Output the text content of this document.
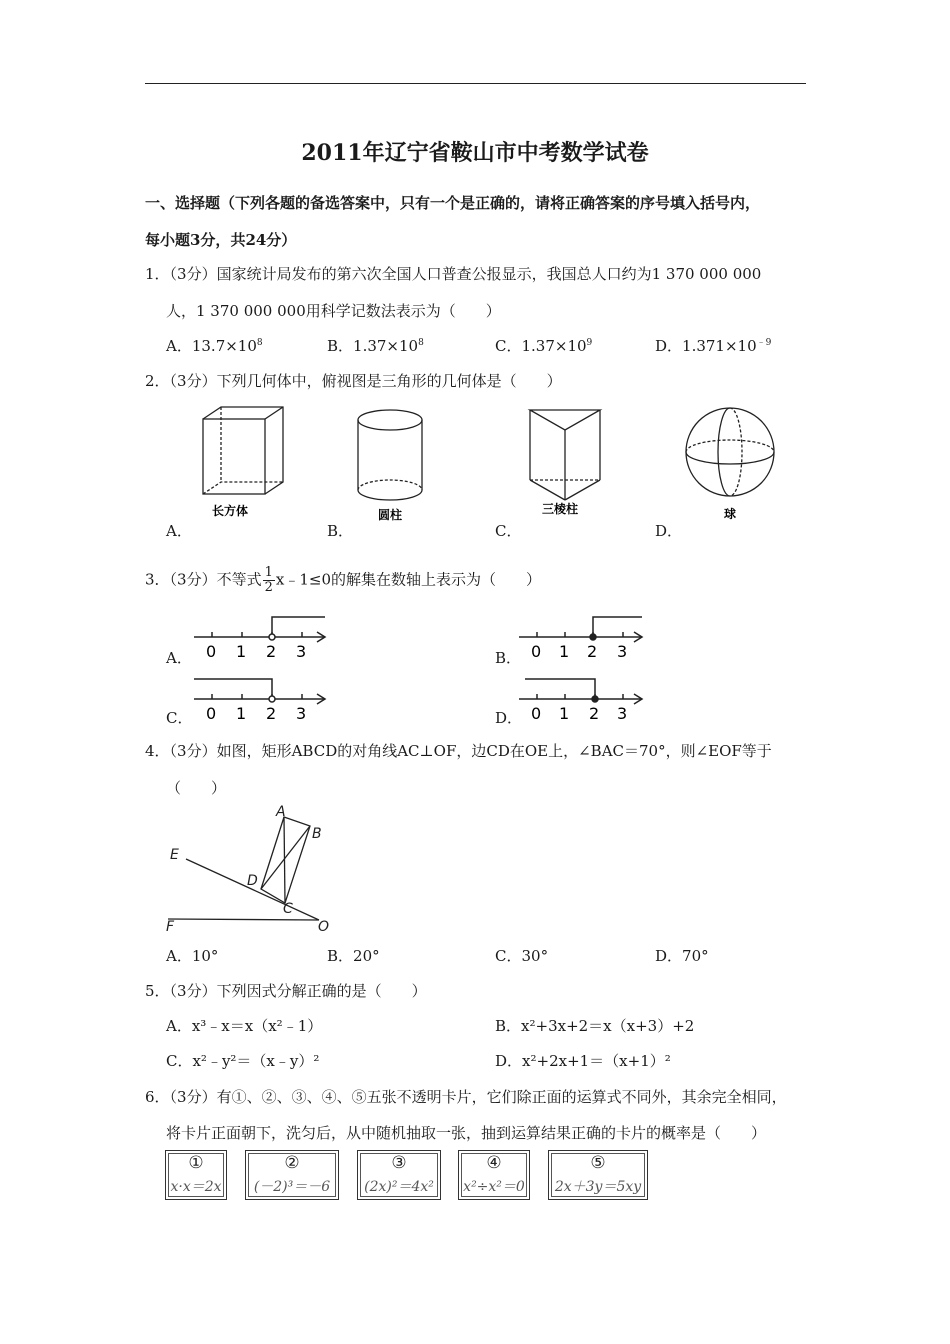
2011年辽宁省鞍山市中考数学试卷
一、选择题（下列各题的备选答案中，只有一个是正确的，请将正确答案的序号填入括号内，
每小题3分，共24分）
1．（3分）国家统计局发布的第六次全国人口普查公报显示，我国总人口约为1 370 000 000
人，1 370 000 000用科学记数法表示为（　　）
A．$13.7\times 10^8$	B．$1.37\times 10^8$	C．$1.37\times 10^9$	D．$1.371\times 10^{﹣9}$
2．（3分）下列几何体中，俯视图是三角形的几何体是（　　）
长方体
A．
圆柱
B．
三棱柱
C．
球
D．
3．（3分）不等式 $\frac{1}{2}$ x﹣1≤0的解集在数轴上表示为（　　）
A． 0 1 2 3	B． 0 1 2 3
C． 0 1 2 3	D． 0 1 2 3
4．（3分）如图，矩形ABCD的对角线AC⊥OF，边CD在OE上，∠BAC＝70°，则∠EOF等于
（　　）
A
B
C
D
E
F	O
A．10°	B．20°	C．30°	D．70°
5．（3分）下列因式分解正确的是（　　）
A．x³﹣x＝x（x²﹣1）	B．x²+3x+2＝x（x+3）+2
C．x²﹣y²＝（x﹣y）²	D．x²+2x+1＝（x+1）²
6．（3分）有①、②、③、④、⑤五张不透明卡片，它们除正面的运算式不同外，其余完全相同，
将卡片正面朝下，洗匀后，从中随机抽取一张，抽到运算结果正确的卡片的概率是（　　）
①
x·x＝2x
②
(－2)³＝－6
③
(2x)²＝4x²
④
x²÷x²＝0
⑤
2x＋3y＝5xy
